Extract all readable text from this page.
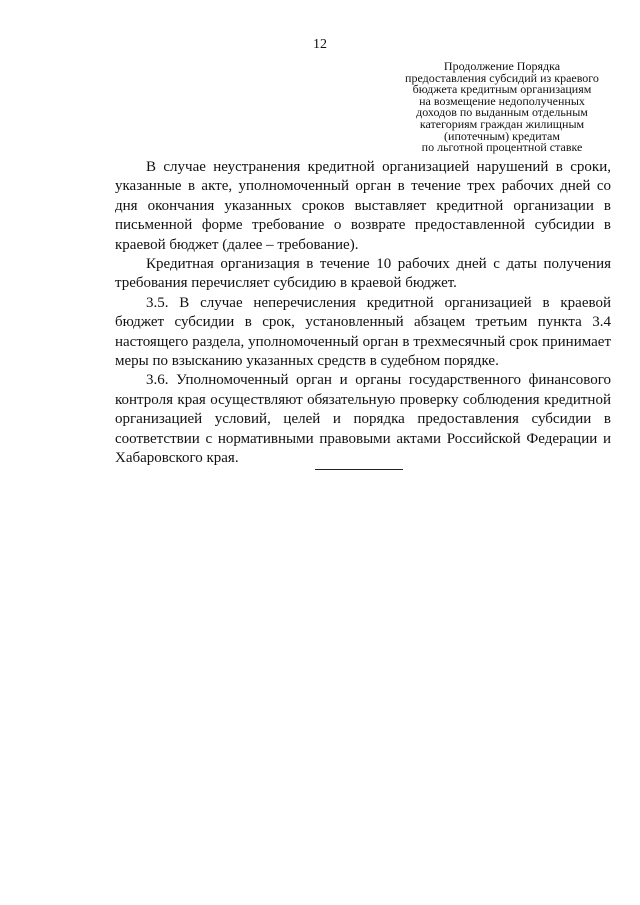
12
Продолжение Порядка
предоставления субсидий из краевого
бюджета кредитным организациям
на возмещение недополученных
доходов по выданным отдельным
категориям граждан жилищным
(ипотечным) кредитам
по льготной процентной ставке

В случае неустранения кредитной организацией нарушений в сроки, указанные в акте, уполномоченный орган в течение трех рабочих дней со дня окончания указанных сроков выставляет кредитной организации в письменной форме требование о возврате предоставленной субсидии в краевой бюджет (далее – требование).

Кредитная организация в течение 10 рабочих дней с даты получения требования перечисляет субсидию в краевой бюджет.

3.5. В случае неперечисления кредитной организацией в краевой бюджет субсидии в срок, установленный абзацем третьим пункта 3.4 настоящего раздела, уполномоченный орган в трехмесячный срок принимает меры по взысканию указанных средств в судебном порядке.

3.6. Уполномоченный орган и органы государственного финансового контроля края осуществляют обязательную проверку соблюдения кредитной организацией условий, целей и порядка предоставления субсидии в соответствии с нормативными правовыми актами Российской Федерации и Хабаровского края.
